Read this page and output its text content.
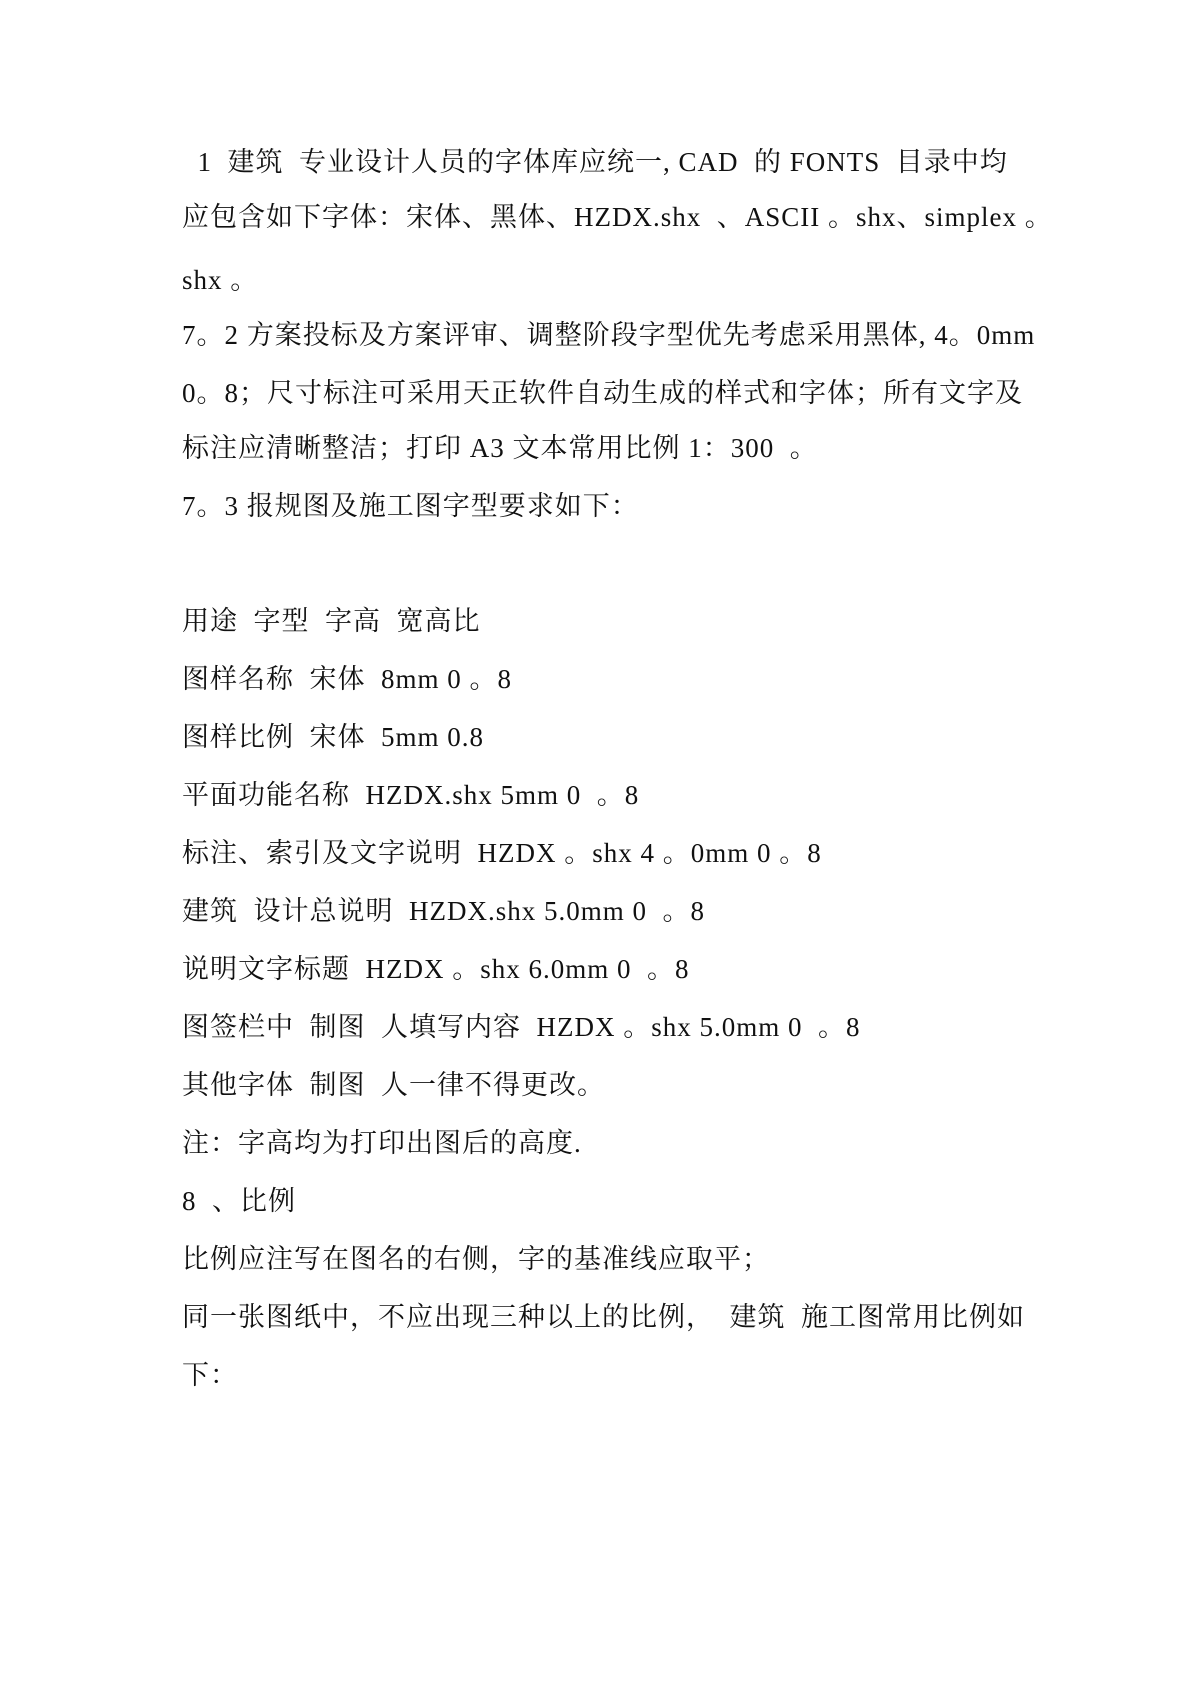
1  建筑  专业设计人员的字体库应统一, CAD  的 FONTS  目录中均
应包含如下字体：宋体、黑体、HZDX.shx  、ASCII 。shx、simplex 。
shx 。
7。2 方案投标及方案评审、调整阶段字型优先考虑采用黑体, 4。0mm
0。8；尺寸标注可采用天正软件自动生成的样式和字体；所有文字及
标注应清晰整洁；打印 A3 文本常用比例 1：300  。
7。3 报规图及施工图字型要求如下：
用途  字型  字高  宽高比
图样名称  宋体  8mm 0 。8
图样比例  宋体  5mm 0.8
平面功能名称  HZDX.shx 5mm 0  。8
标注、索引及文字说明  HZDX 。shx 4 。0mm 0 。8
建筑  设计总说明  HZDX.shx 5.0mm 0  。8
说明文字标题  HZDX 。shx 6.0mm 0  。8
图签栏中  制图  人填写内容  HZDX 。shx 5.0mm 0  。8
其他字体  制图  人一律不得更改。
注：字高均为打印出图后的高度.
8  、比例
比例应注写在图名的右侧，字的基准线应取平；
同一张图纸中，不应出现三种以上的比例，  建筑  施工图常用比例如
下：
